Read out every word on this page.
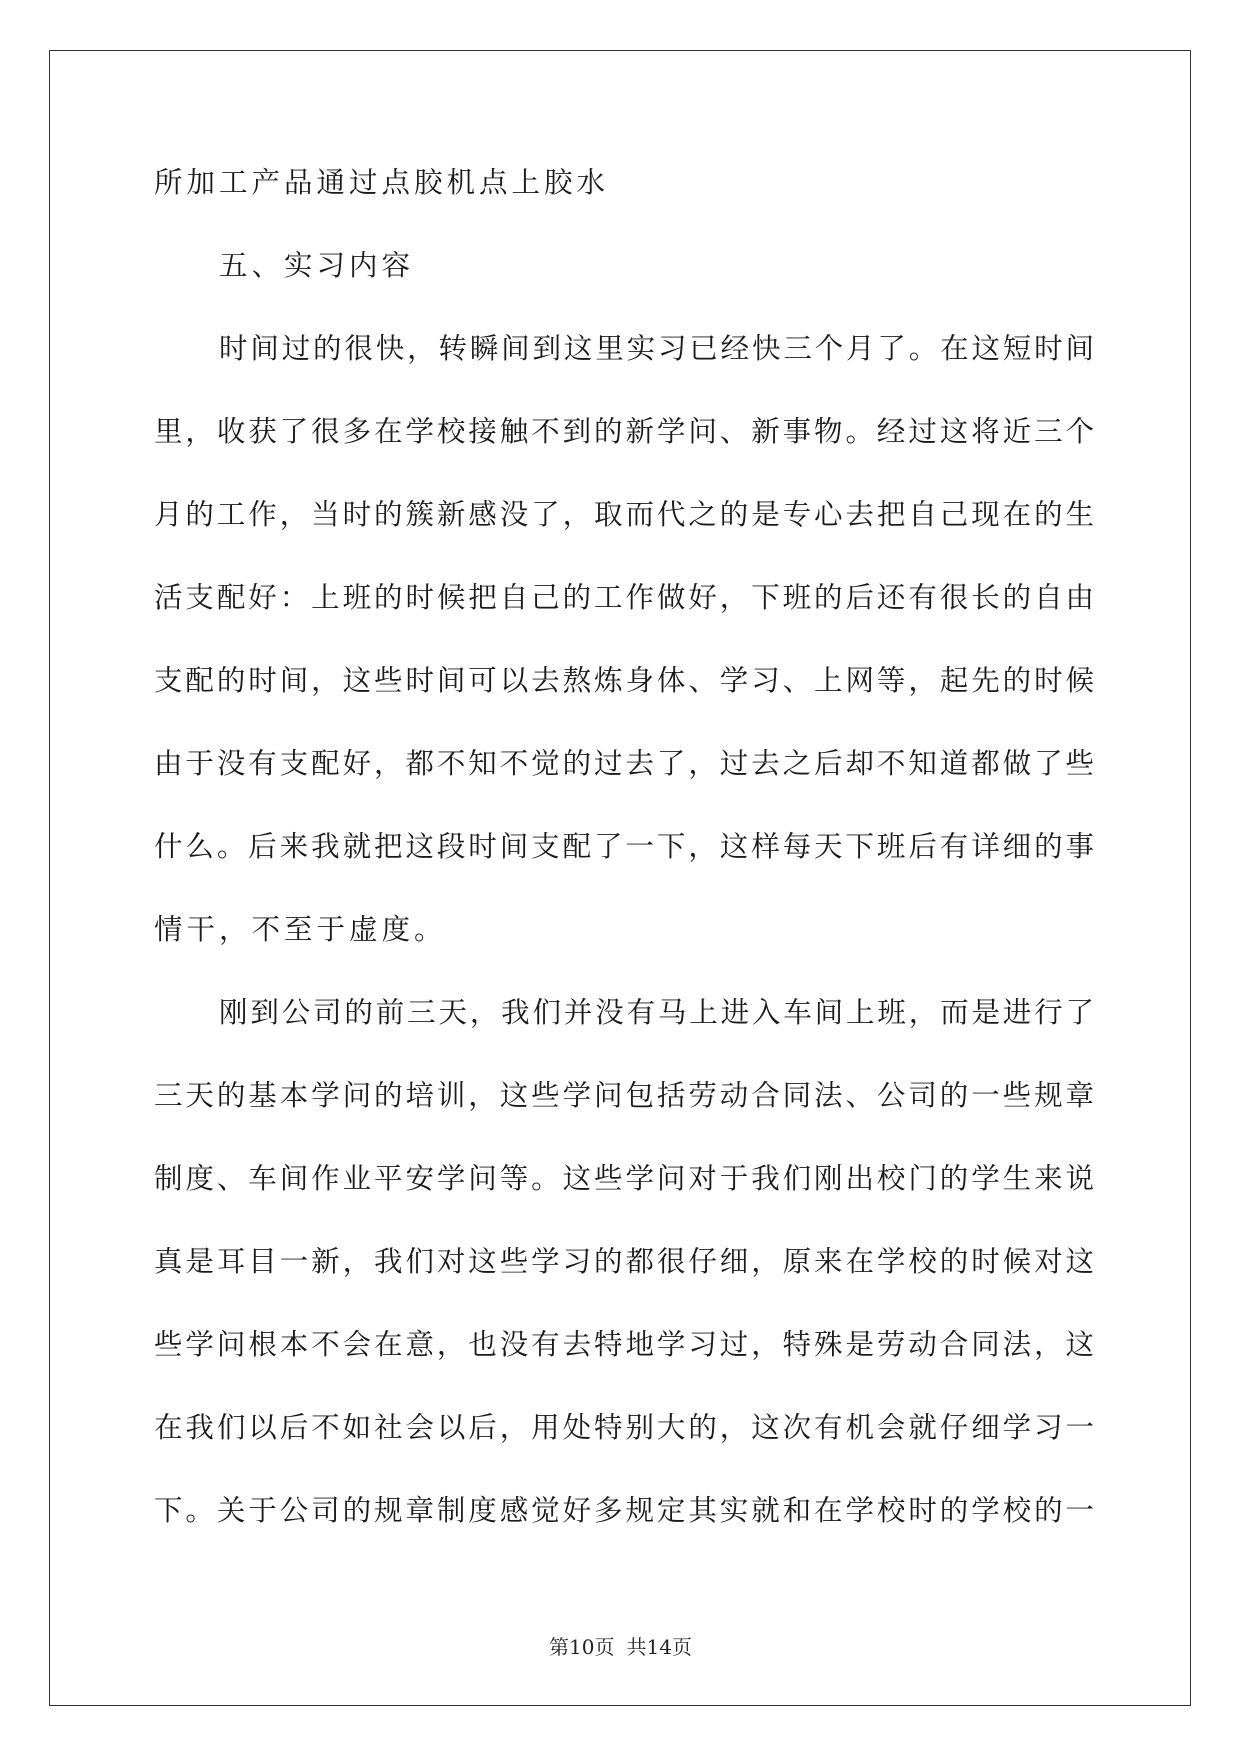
所加工产品通过点胶机点上胶水
五、实习内容
时间过的很快，转瞬间到这里实习已经快三个月了。在这短时间
里，收获了很多在学校接触不到的新学问、新事物。经过这将近三个
月的工作，当时的簇新感没了，取而代之的是专心去把自己现在的生
活支配好：上班的时候把自己的工作做好，下班的后还有很长的自由
支配的时间，这些时间可以去熬炼身体、学习、上网等，起先的时候
由于没有支配好，都不知不觉的过去了，过去之后却不知道都做了些
什么。后来我就把这段时间支配了一下，这样每天下班后有详细的事
情干，不至于虚度。
刚到公司的前三天，我们并没有马上进入车间上班，而是进行了
三天的基本学问的培训，这些学问包括劳动合同法、公司的一些规章
制度、车间作业平安学问等。这些学问对于我们刚出校门的学生来说
真是耳目一新，我们对这些学习的都很仔细，原来在学校的时候对这
些学问根本不会在意，也没有去特地学习过，特殊是劳动合同法，这
在我们以后不如社会以后，用处特别大的，这次有机会就仔细学习一
下。关于公司的规章制度感觉好多规定其实就和在学校时的学校的一
第10页 共14页
